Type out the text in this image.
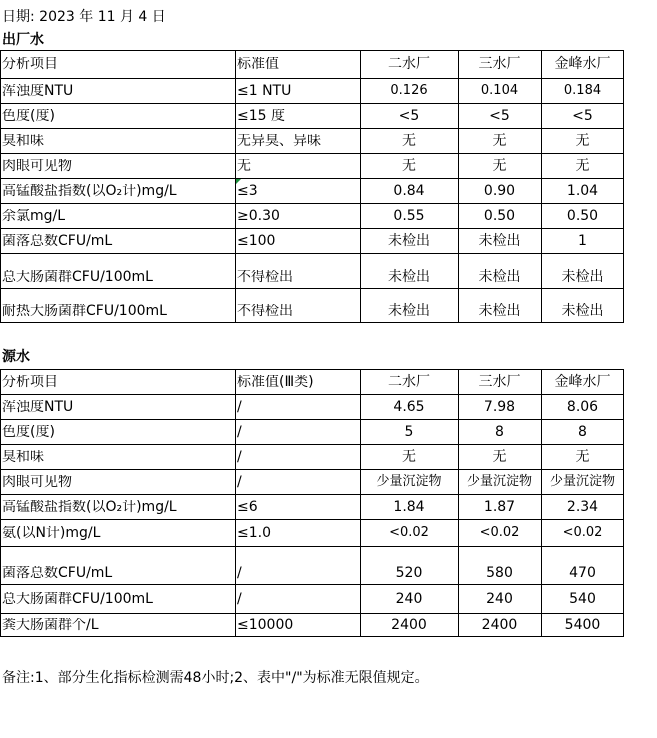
日期: 2023 年 11 月 4 日
出厂水
分析项目	标准值	二水厂	三水厂	金峰水厂
浑浊度NTU	≤1 NTU	0.126	0.104	0.184
色度(度)	≤15 度	<5	<5	<5
臭和味	无异臭、异味	无	无	无
肉眼可见物	无	无	无	无
高锰酸盐指数(以O₂计)mg/L	≤3	0.84	0.90	1.04
余氯mg/L	≥0.30	0.55	0.50	0.50
菌落总数CFU/mL	≤100	未检出	未检出	1
总大肠菌群CFU/100mL	不得检出	未检出	未检出	未检出
耐热大肠菌群CFU/100mL	不得检出	未检出	未检出	未检出
源水
分析项目	标准值(Ⅲ类)	二水厂	三水厂	金峰水厂
浑浊度NTU	/	4.65	7.98	8.06
色度(度)	/	5	8	8
臭和味	/	无	无	无
肉眼可见物	/	少量沉淀物	少量沉淀物	少量沉淀物
高锰酸盐指数(以O₂计)mg/L	≤6	1.84	1.87	2.34
氨(以N计)mg/L	≤1.0	<0.02	<0.02	<0.02
菌落总数CFU/mL	/	520	580	470
总大肠菌群CFU/100mL	/	240	240	540
粪大肠菌群个/L	≤10000	2400	2400	5400
备注:1、部分生化指标检测需48小时;2、表中"/"为标准无限值规定。
